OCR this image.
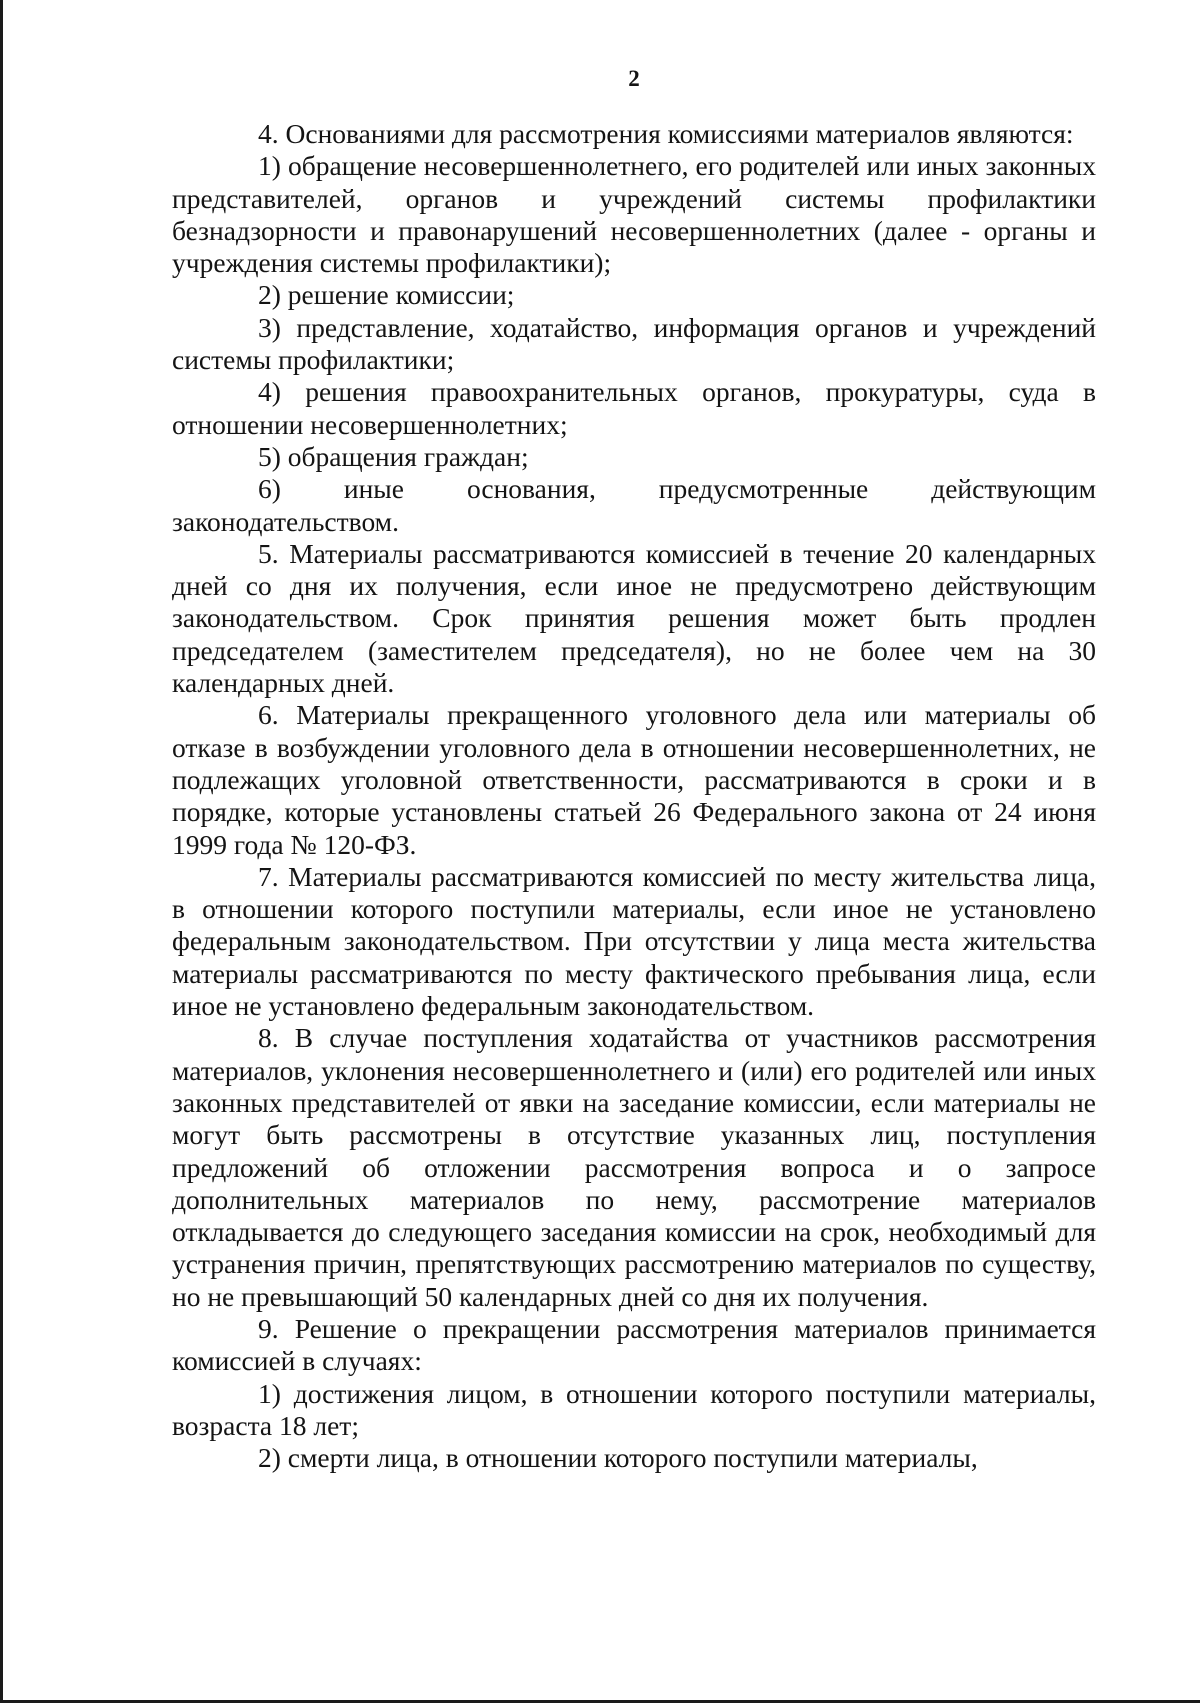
2

4. Основаниями для рассмотрения комиссиями материалов являются:

1) обращение несовершеннолетнего, его родителей или иных законных представителей, органов и учреждений системы профилактики безнадзорности и правонарушений несовершеннолетних (далее - органы и учреждения системы профилактики);

2) решение комиссии;

3) представление, ходатайство, информация органов и учреждений системы профилактики;

4) решения правоохранительных органов, прокуратуры, суда в отношении несовершеннолетних;

5) обращения граждан;

6) иные основания, предусмотренные действующим законодательством.

5. Материалы рассматриваются комиссией в течение 20 календарных дней со дня их получения, если иное не предусмотрено действующим законодательством. Срок принятия решения может быть продлен председателем (заместителем председателя), но не более чем на 30 календарных дней.

6. Материалы прекращенного уголовного дела или материалы об отказе в возбуждении уголовного дела в отношении несовершеннолетних, не подлежащих уголовной ответственности, рассматриваются в сроки и в порядке, которые установлены статьей 26 Федерального закона от 24 июня 1999 года № 120-ФЗ.

7. Материалы рассматриваются комиссией по месту жительства лица, в отношении которого поступили материалы, если иное не установлено федеральным законодательством. При отсутствии у лица места жительства материалы рассматриваются по месту фактического пребывания лица, если иное не установлено федеральным законодательством.

8. В случае поступления ходатайства от участников рассмотрения материалов, уклонения несовершеннолетнего и (или) его родителей или иных законных представителей от явки на заседание комиссии, если материалы не могут быть рассмотрены в отсутствие указанных лиц, поступления предложений об отложении рассмотрения вопроса и о запросе дополнительных материалов по нему, рассмотрение материалов откладывается до следующего заседания комиссии на срок, необходимый для устранения причин, препятствующих рассмотрению материалов по существу, но не превышающий 50 календарных дней со дня их получения.

9. Решение о прекращении рассмотрения материалов принимается комиссией в случаях:

1) достижения лицом, в отношении которого поступили материалы, возраста 18 лет;

2) смерти лица, в отношении которого поступили материалы,
